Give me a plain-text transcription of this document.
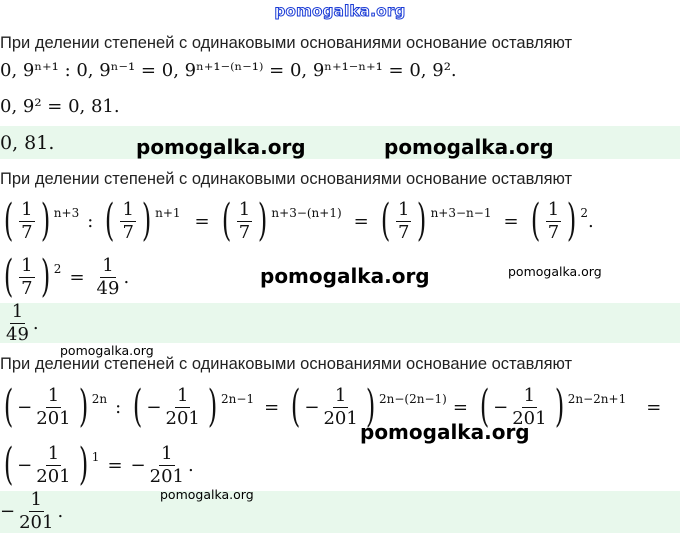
pomogalka.org
При делении степеней с одинаковыми основаниями основание оставляют
0, 9ⁿ⁺¹ : 0, 9ⁿ⁻¹ = 0, 9ⁿ⁺¹⁻⁽ⁿ⁻¹⁾ = 0, 9ⁿ⁺¹⁻ⁿ⁺¹ = 0, 9².
0, 9² = 0, 81.
0, 81.	pomogalka.org	pomogalka.org
При делении степеней с одинаковыми основаниями основание оставляют
( $\frac{1}{7}$ ) n+3 : ( $\frac{1}{7}$ ) n+1 = ( $\frac{1}{7}$ ) n+3−(n+1) = ( $\frac{1}{7}$ ) n+3−n−1 = ( $\frac{1}{7}$ ) 2 .
( $\frac{1}{7}$ ) $2 = \frac{1}{49}$ .
$\frac{1}{49}$ .
pomogalka.org	pomogalka.org
pomogalka.org
При делении степеней с одинаковыми основаниями основание оставляют
( − $\frac{1}{201}$ ) 2n : ( − $\frac{1}{201}$ ) 2n−1 = ( − $\frac{1}{201}$ ) 2n−(2n−1) = ( − $\frac{1}{201}$ ) 2n−2n+1 =
( − $\frac{1}{201}$ ) 1 = − $\frac{1}{201}$ .
− $\frac{1}{201}$ .
pomogalka.org
pomogalka.org
